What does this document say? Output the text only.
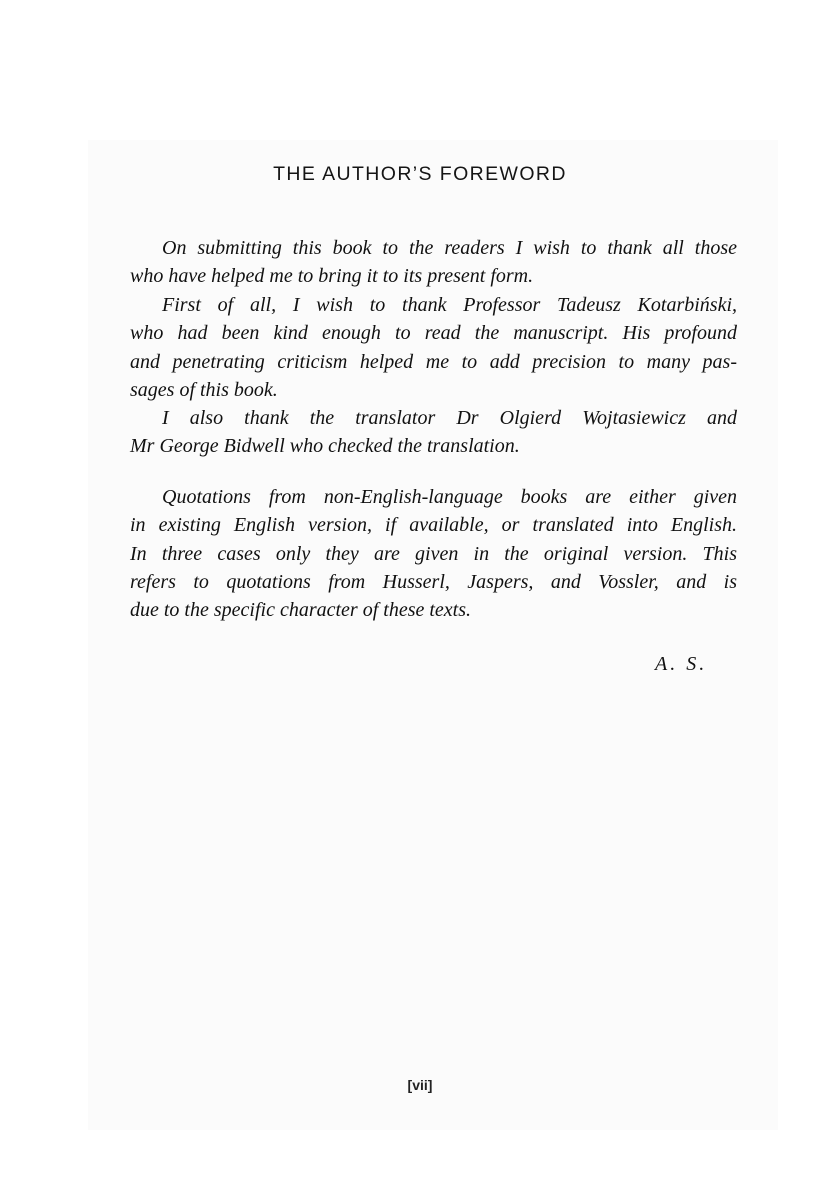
THE AUTHOR’S FOREWORD
On submitting this book to the readers I wish to thank all those
who have helped me to bring it to its present form.
First of all, I wish to thank Professor Tadeusz Kotarbiński,
who had been kind enough to read the manuscript. His profound
and penetrating criticism helped me to add precision to many pas-
sages of this book.
I also thank the translator Dr Olgierd Wojtasiewicz and
Mr George Bidwell who checked the translation.
Quotations from non-English-language books are either given
in existing English version, if available, or translated into English.
In three cases only they are given in the original version. This
refers to quotations from Husserl, Jaspers, and Vossler, and is
due to the specific character of these texts.
A. S.
[vii]
